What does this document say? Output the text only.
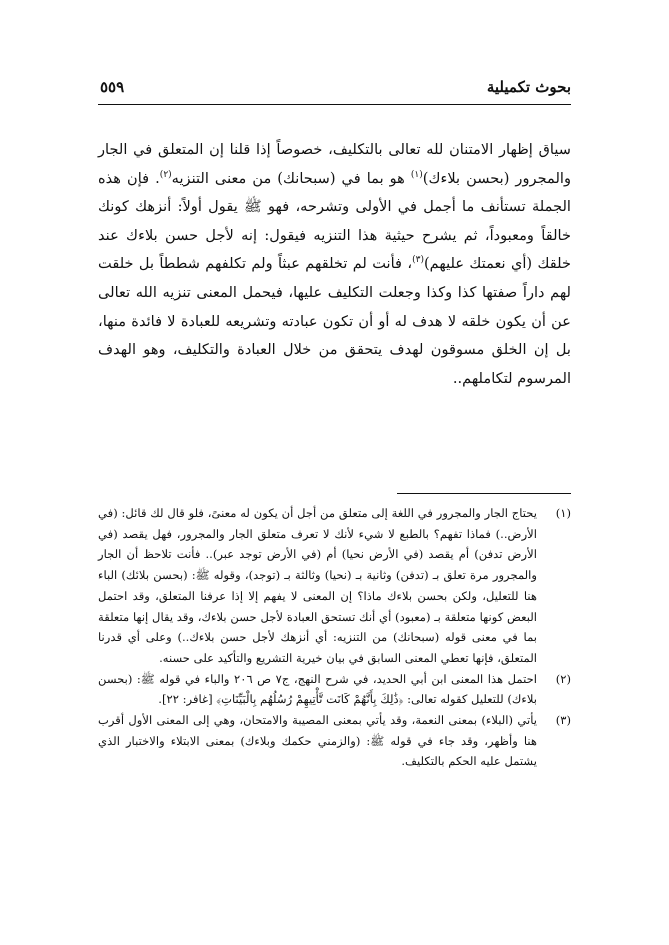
بحوث تكميلية
٥٥٩

سياق إظهار الامتنان لله تعالى بالتكليف، خصوصاً إذا قلنا إن المتعلق في الجار والمجرور (بحسن بلاءك)$^{(١)}$ هو بما في (سبحانك) من معنى التنزيه$^{(٢)}$. فإن هذه الجملة تستأنف ما أجمل في الأولى وتشرحه، فهو ﷺ يقول أولاً: أنزهك كونك خالقاً ومعبوداً، ثم يشرح حيثية هذا التنزيه فيقول: إنه لأجل حسن بلاءك عند خلقك (أي نعمتك عليهم)$^{(٣)}$، فأنت لم تخلقهم عبثاً ولم تكلفهم شططاً بل خلقت لهم داراً صفتها كذا وكذا وجعلت التكليف عليها، فيحمل المعنى تنزيه الله تعالى عن أن يكون خلقه لا هدف له أو أن تكون عبادته وتشريعه للعبادة لا فائدة منها، بل إن الخلق مسوقون لهدف يتحقق من خلال العبادة والتكليف، وهو الهدف المرسوم لتكاملهم..

(١)
يحتاج الجار والمجرور في اللغة إلى متعلق من أجل أن يكون له معنىً، فلو قال لك قائل: (في الأرض..) فماذا تفهم؟ بالطبع لا شيء لأنك لا تعرف متعلق الجار والمجرور، فهل يقصد (في الأرض تدفن) أم يقصد (في الأرض نحيا) أم (في الأرض توجد عبر).. فأنت تلاحظ أن الجار والمجرور مرة تعلق بـ (تدفن) وثانية بـ (نحيا) وثالثة بـ (توجد)، وقوله ﷺ: (بحسن بلائك) الباء هنا للتعليل، ولكن بحسن بلاءك ماذا؟ إن المعنى لا يفهم إلا إذا عرفنا المتعلق، وقد احتمل البعض كونها متعلقة بـ (معبود) أي أنك تستحق العبادة لأجل حسن بلاءك، وقد يقال إنها متعلقة بما في معنى قوله (سبحانك) من التنزيه: أي أنزهك لأجل حسن بلاءك..) وعلى أي قدرنا المتعلق، فإنها تعطي المعنى السابق في بيان خيرية التشريع والتأكيد على حسنه.
(٢)
احتمل هذا المعنى ابن أبي الحديد، في شرح النهج، ج٧ ص ٢٠٦ والباء في قوله ﷺ: (بحسن بلاءك) للتعليل كقوله تعالى: ﴿ذَٰلِكَ بِأَنَّهُمْ كَانَت تَّأْتِيهِمْ رُسُلُهُم بِالْبَيِّنَاتِ﴾ [غافر: ٢٢].
(٣)
يأتي (البلاء) بمعنى النعمة، وقد يأتي بمعنى المصيبة والامتحان، وهي إلى المعنى الأول أقرب هنا وأظهر، وقد جاء في قوله ﷺ: (والزمني حكمك وبلاءك) بمعنى الابتلاء والاختبار الذي يشتمل عليه الحكم بالتكليف.
